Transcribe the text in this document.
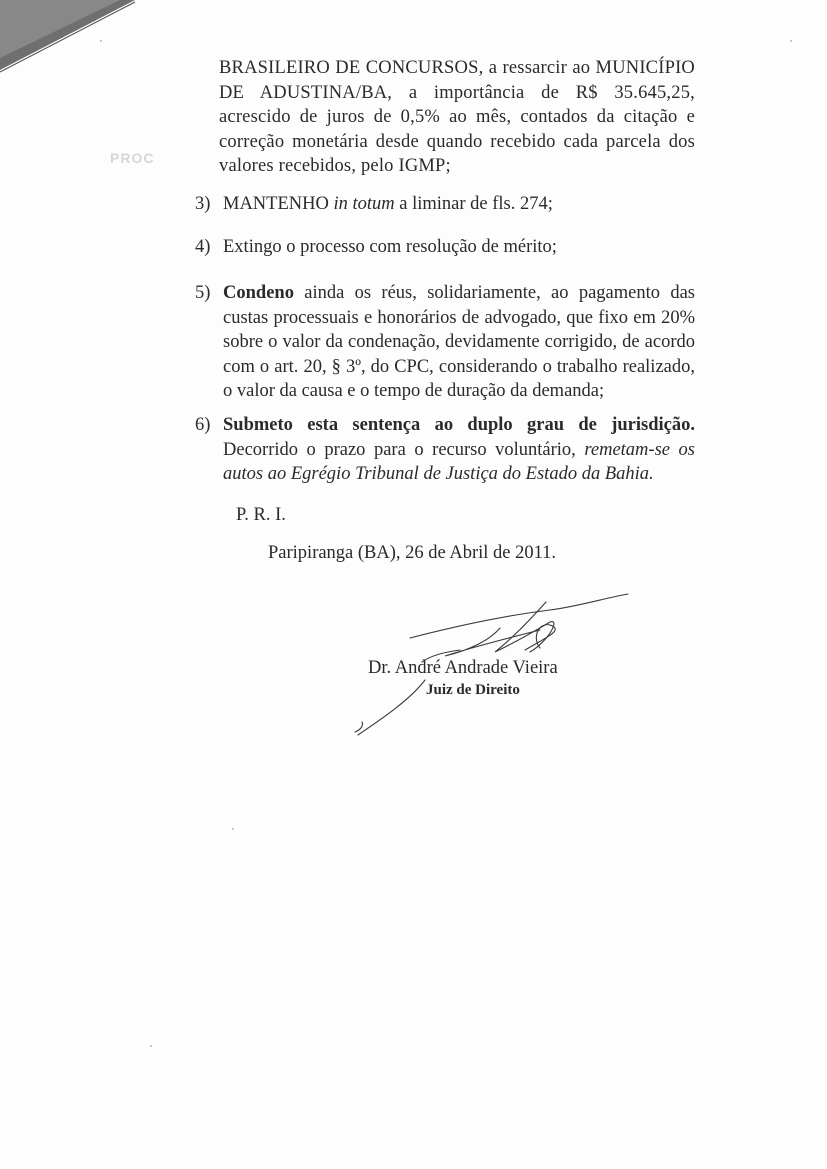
PROC
BRASILEIRO DE CONCURSOS, a ressarcir ao MUNICÍPIO DE ADUSTINA/BA, a importância de R$ 35.645,25, acrescido de juros de 0,5% ao mês, contados da citação e correção monetária desde quando recebido cada parcela dos valores recebidos, pelo IGMP;
3) MANTENHO in totum a liminar de fls. 274;
4) Extingo o processo com resolução de mérito;
5) Condeno ainda os réus, solidariamente, ao pagamento das custas processuais e honorários de advogado, que fixo em 20% sobre o valor da condenação, devidamente corrigido, de acordo com o art. 20, § 3º, do CPC, considerando o trabalho realizado, o valor da causa e o tempo de duração da demanda;
6) Submeto esta sentença ao duplo grau de jurisdição. Decorrido o prazo para o recurso voluntário, remetam-se os autos ao Egrégio Tribunal de Justiça do Estado da Bahia.
P. R. I.
Paripiranga (BA), 26 de Abril de 2011.
Dr. André Andrade Vieira
Juiz de Direito
